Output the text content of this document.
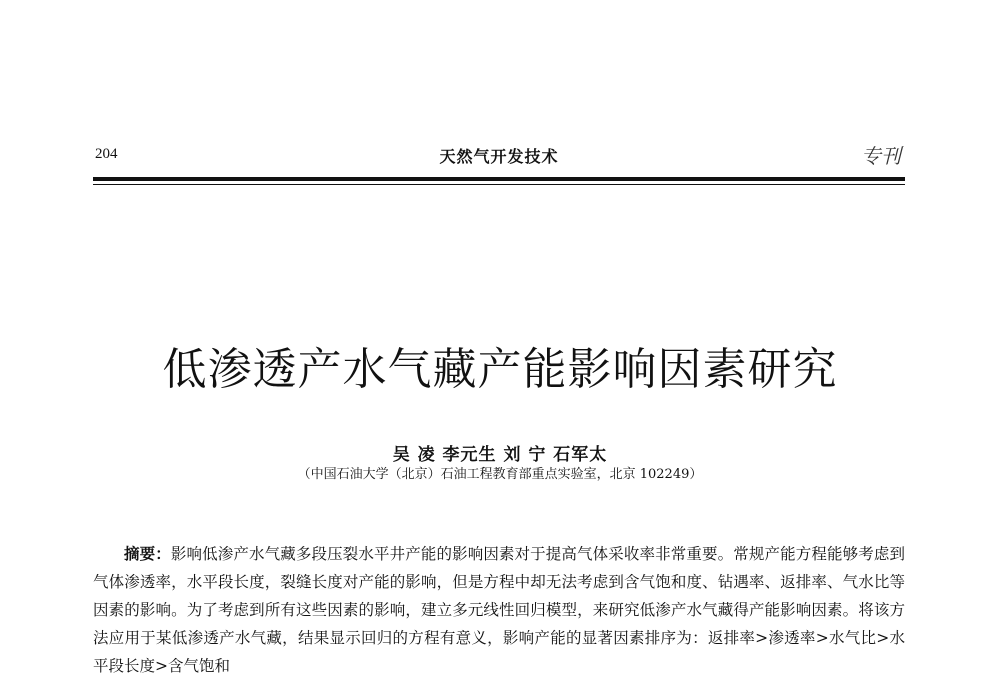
204	天然气开发技术	专刊
低渗透产水气藏产能影响因素研究
吴 凌 李元生 刘 宁 石军太
（中国石油大学（北京）石油工程教育部重点实验室，北京 102249）
摘要：影响低渗产水气藏多段压裂水平井产能的影响因素对于提高气体采收率非常重要。常规产能方程能够考虑到气体渗透率，水平段长度，裂缝长度对产能的影响，但是方程中却无法考虑到含气饱和度、钻遇率、返排率、气水比等因素的影响。为了考虑到所有这些因素的影响，建立多元线性回归模型，来研究低渗产水气藏得产能影响因素。将该方法应用于某低渗透产水气藏，结果显示回归的方程有意义，影响产能的显著因素排序为：返排率>渗透率>水气比>水平段长度>含气饱和
